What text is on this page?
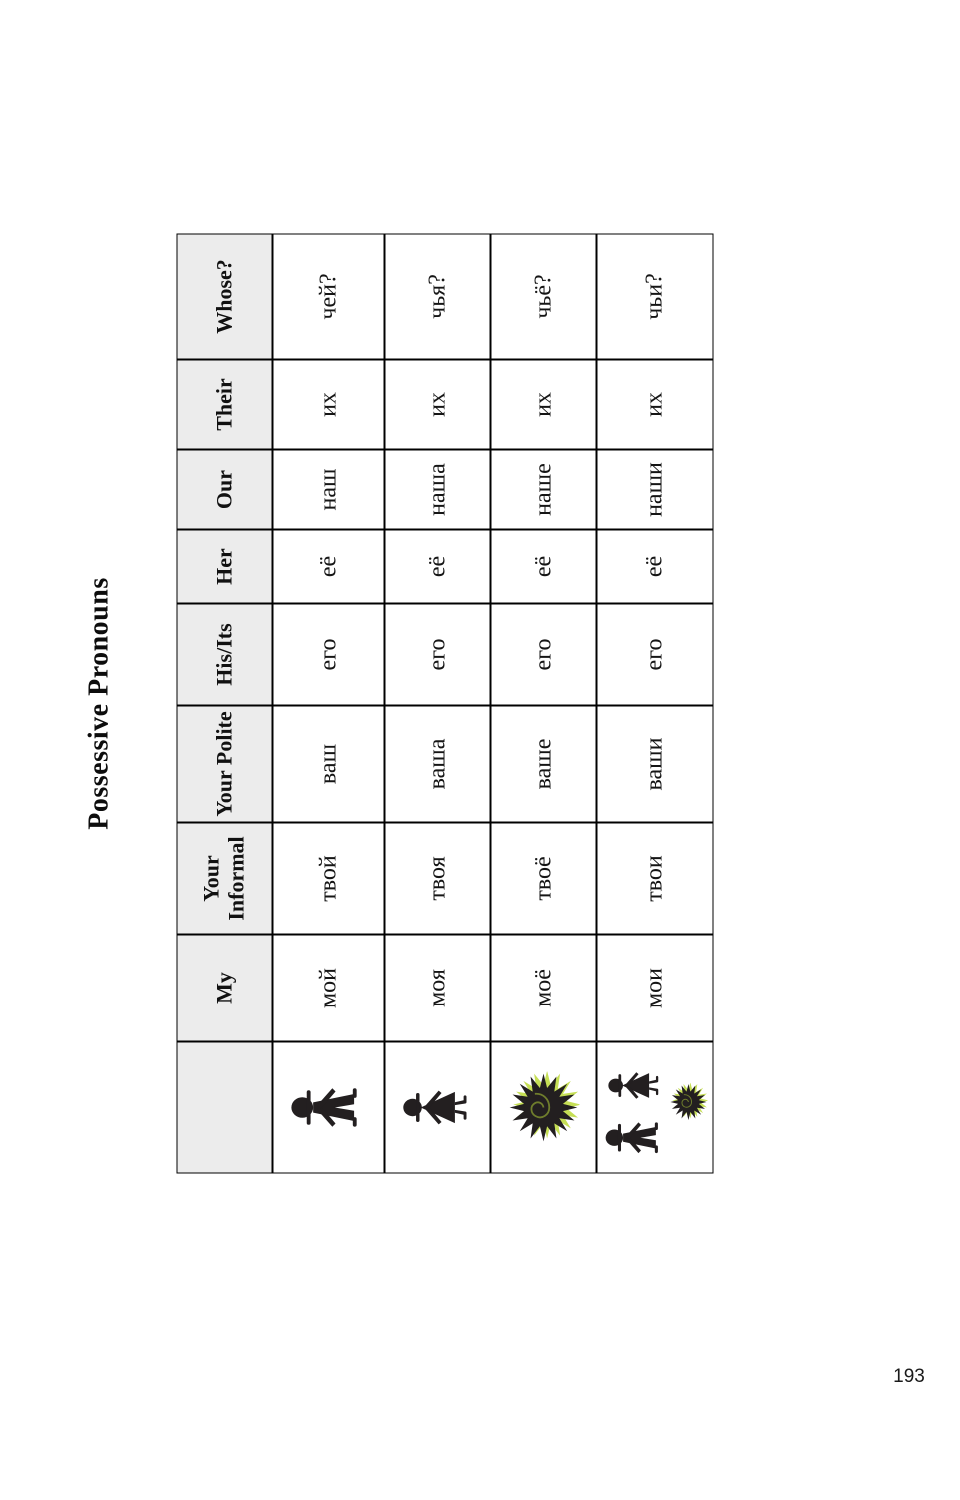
Possessive Pronouns
My
Your Informal
Your Polite
His/Its
Her
Our
Their
Whose?
мой
твой
ваш
его
её
наш
их
чей?
моя
твоя
ваша
его
её
наша
их
чья?
моё
твоё
ваше
его
её
наше
их
чьё?
мои
твои
ваши
его
её
наши
их
чьи?
193
